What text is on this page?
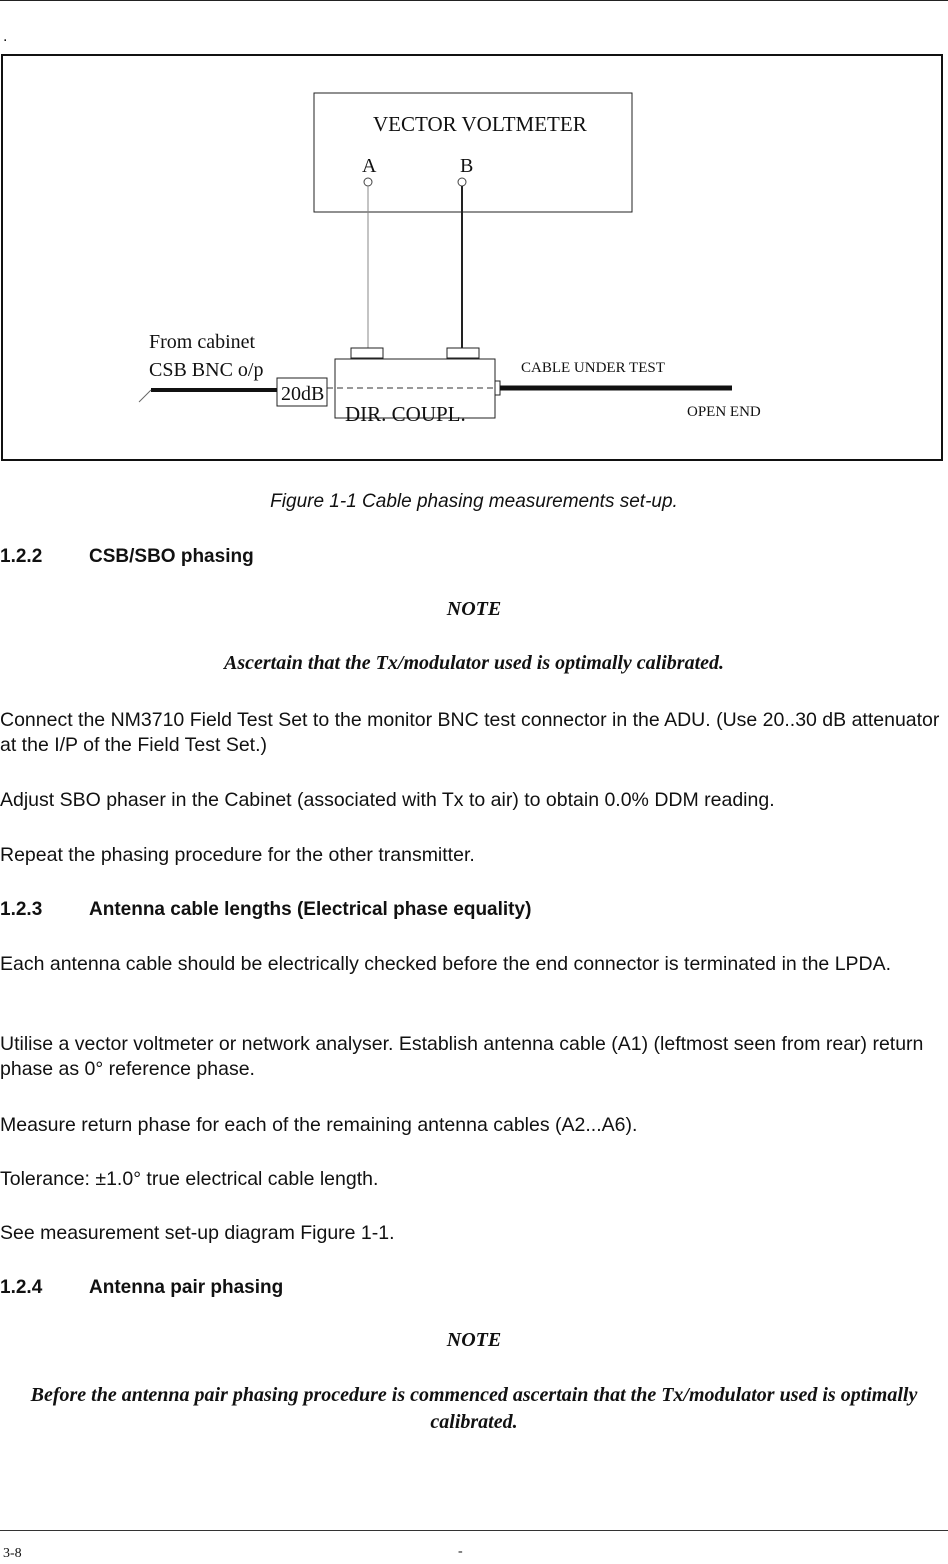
.
VECTOR VOLTMETER
A	B
DIR. COUPL.
20dB
From cabinet
CSB BNC o/p	CABLE UNDER TEST
OPEN END
Figure 1-1 Cable phasing measurements set-up.
1.2.2 CSB/SBO phasing
NOTE
Ascertain that the Tx/modulator used is optimally calibrated.
Connect the NM3710 Field Test Set to the monitor BNC test connector in the ADU. (Use 20..30 dB attenuator at the I/P of the Field Test Set.)
Adjust SBO phaser in the Cabinet (associated with Tx to air) to obtain 0.0% DDM reading.
Repeat the phasing procedure for the other transmitter.
1.2.3 Antenna cable lengths (Electrical phase equality)
Each antenna cable should be electrically checked before the end connector is terminated in the LPDA.
Utilise a vector voltmeter or network analyser. Establish antenna cable (A1) (leftmost seen from rear) return phase as 0° reference phase.
Measure return phase for each of the remaining antenna cables (A2...A6).
Tolerance: ±1.0° true electrical cable length.
See measurement set-up diagram Figure 1-1.
1.2.4 Antenna pair phasing
NOTE
Before the antenna pair phasing procedure is commenced ascertain that the Tx/modulator used is optimally calibrated.
3-8	-
